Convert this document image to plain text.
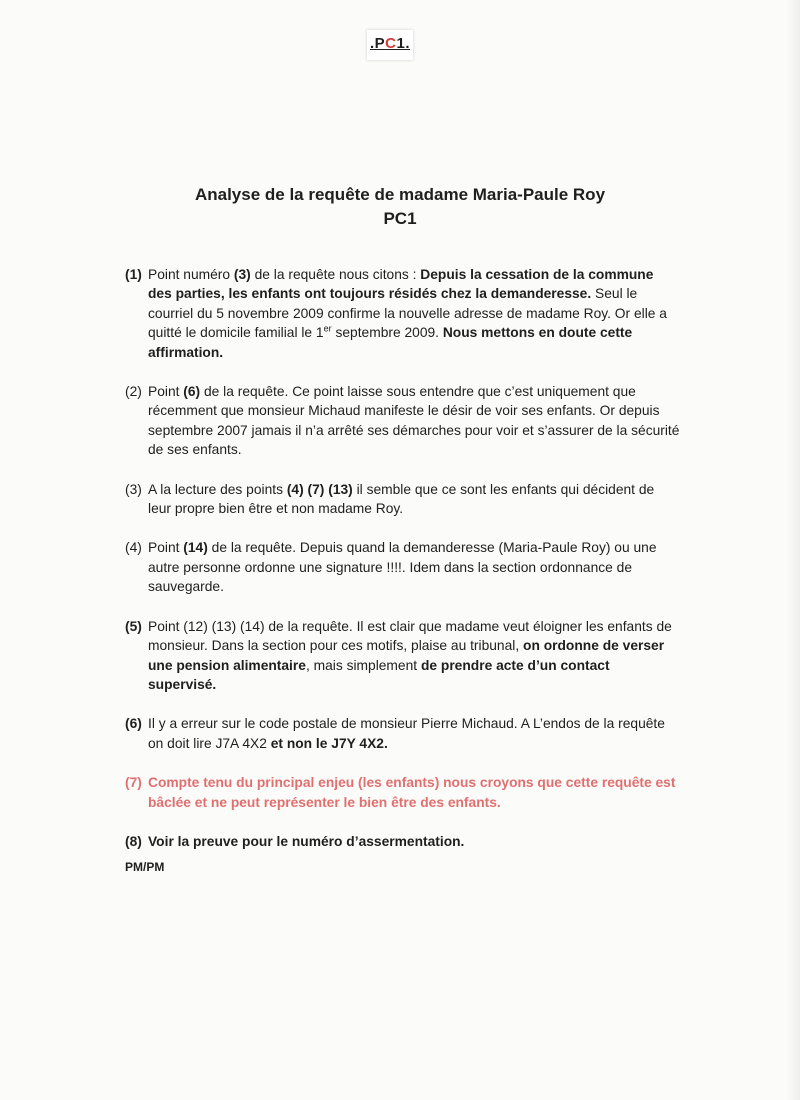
.PC1.
Analyse de la requête de madame Maria-Paule Roy
PC1
(1) Point numéro (3) de la requête nous citons : Depuis la cessation de la commune des parties, les enfants ont toujours résidés chez la demanderesse. Seul le courriel du 5 novembre 2009 confirme la nouvelle adresse de madame Roy. Or elle a quitté le domicile familial le 1er septembre 2009. Nous mettons en doute cette affirmation.
(2) Point (6) de la requête. Ce point laisse sous entendre que c’est uniquement que récemment que monsieur Michaud manifeste le désir de voir ses enfants. Or depuis septembre 2007 jamais il n’a arrêté ses démarches pour voir et s’assurer de la sécurité de ses enfants.
(3) A la lecture des points (4) (7) (13) il semble que ce sont les enfants qui décident de leur propre bien être et non madame Roy.
(4) Point (14) de la requête. Depuis quand la demanderesse (Maria-Paule Roy) ou une autre personne ordonne une signature !!!!. Idem dans la section ordonnance de sauvegarde.
(5) Point (12) (13) (14) de la requête. Il est clair que madame veut éloigner les enfants de monsieur. Dans la section pour ces motifs, plaise au tribunal, on ordonne de verser une pension alimentaire, mais simplement de prendre acte d’un contact supervisé.
(6) Il y a erreur sur le code postale de monsieur Pierre Michaud. A L’endos de la requête on doit lire J7A 4X2 et non le J7Y 4X2.
(7) Compte tenu du principal enjeu (les enfants) nous croyons que cette requête est bâclée et ne peut représenter le bien être des enfants.
(8) Voir la preuve pour le numéro d’assermentation.
PM/PM
